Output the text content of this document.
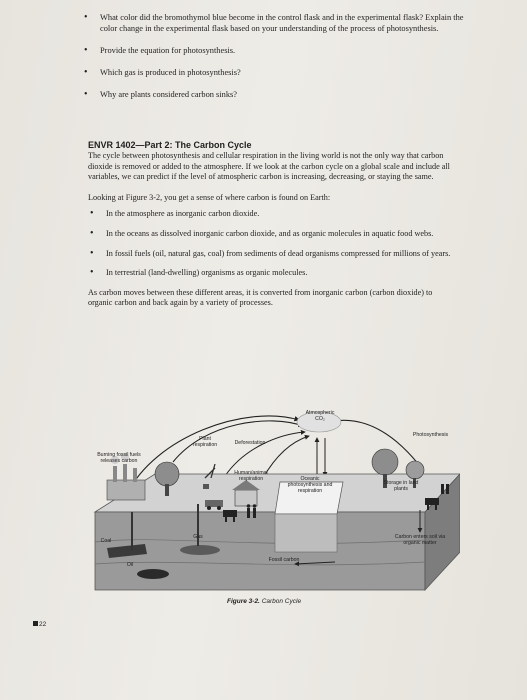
• What color did the bromothymol blue become in the control flask and in the experimental flask? Explain the color change in the experimental flask based on your understanding of the process of photosynthesis.
• Provide the equation for photosynthesis.
• Which gas is produced in photosynthesis?
• Why are plants considered carbon sinks?
ENVR 1402—Part 2: The Carbon Cycle

The cycle between photosynthesis and cellular respiration in the living world is not the only way that carbon dioxide is removed or added to the atmosphere. If we look at the carbon cycle on a global scale and include all variables, we can predict if the level of atmospheric carbon is increasing, decreasing, or staying the same.

Looking at Figure 3-2, you get a sense of where carbon is found on Earth:

• In the atmosphere as inorganic carbon dioxide.
• In the oceans as dissolved inorganic carbon dioxide, and as organic molecules in aquatic food webs.
• In fossil fuels (oil, natural gas, coal) from sediments of dead organisms compressed for millions of years.
• In terrestrial (land-dwelling) organisms as organic molecules.

As carbon moves between these different areas, it is converted from inorganic carbon (carbon dioxide) to organic carbon and back again by a variety of processes.

Atmospheric CO₂
Photosynthesis
Plant respiration	Deforestation
Burning fossil fuels releases carbon
Human/animal respiration	Oceanic photosynthesis and respiration
Storage in land plants
Coal
Gas
Oil
Fossil carbon
Carbon enters soil via organic matter
Figure 3-2. Carbon Cycle
22
